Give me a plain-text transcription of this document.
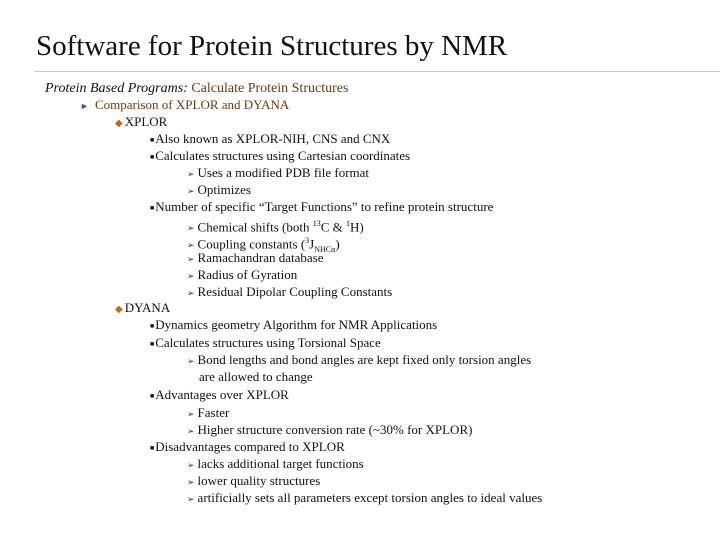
Software for Protein Structures by NMR
Protein Based Programs: Calculate Protein Structures
► Comparison of XPLOR and DYANA
◆ XPLOR
■Also known as XPLOR-NIH, CNS and CNX
■Calculates structures using Cartesian coordinates
➢ Uses a modified PDB file format
➢ Optimizes
■Number of specific “Target Functions” to refine protein structure
➢ Chemical shifts (both $^{13}$C & $^1$H)
➢ Coupling constants $(^3J_{NHC\alpha})$
➢ Ramachandran database
➢ Radius of Gyration
➢ Residual Dipolar Coupling Constants
◆ DYANA
■Dynamics geometry Algorithm for NMR Applications
■Calculates structures using Torsional Space
➢ Bond lengths and bond angles are kept fixed only torsion angles
are allowed to change
■Advantages over XPLOR
➢ Faster
➢ Higher structure conversion rate (~30% for XPLOR)
■Disadvantages compared to XPLOR
➢ lacks additional target functions
➢ lower quality structures
➢ artificially sets all parameters except torsion angles to ideal values
